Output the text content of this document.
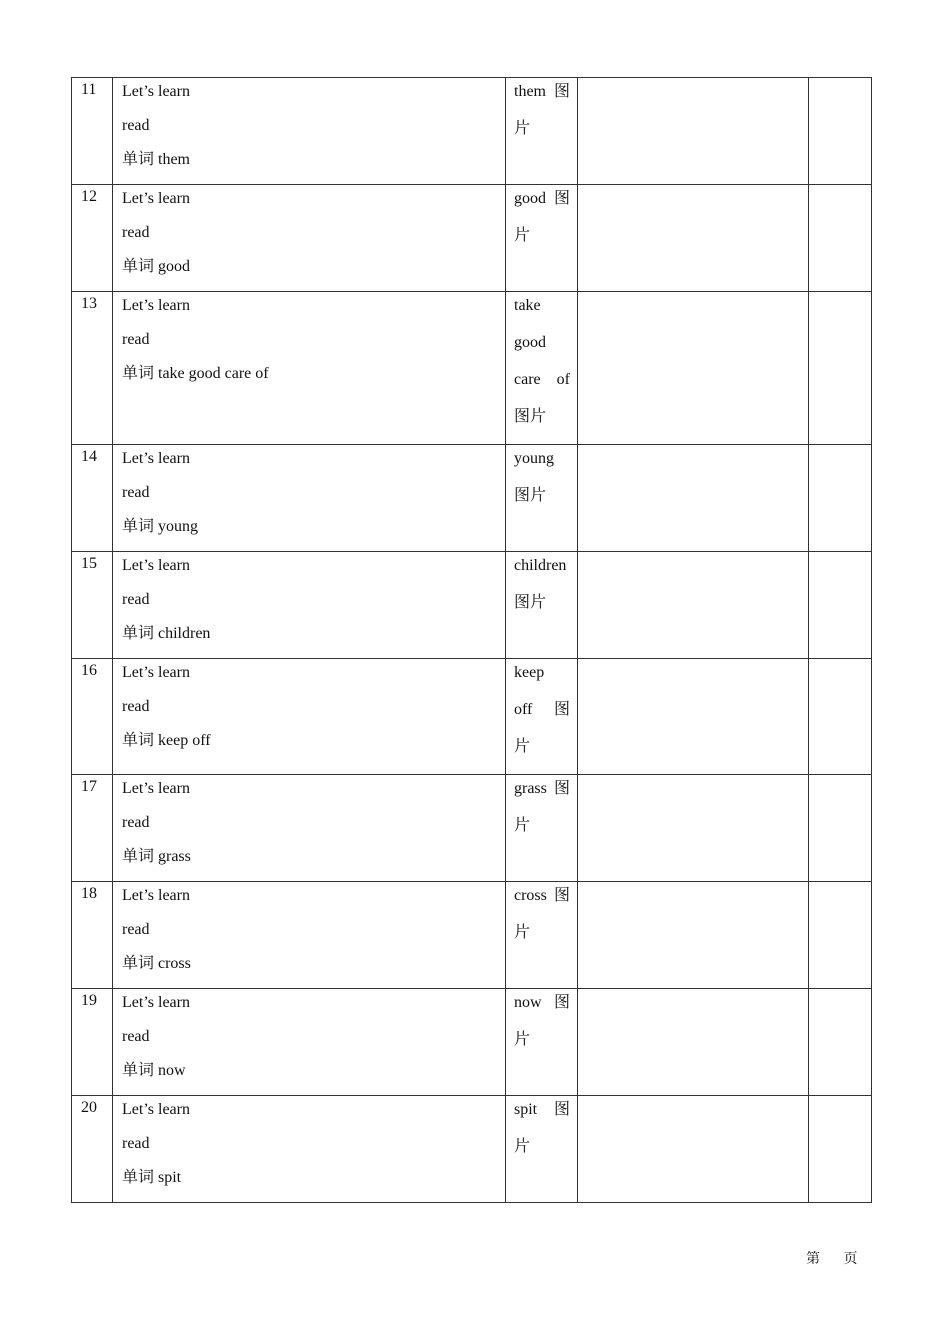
11	Let’s learn
read
单词 them	them 图
片		

12	Let’s learn
read
单词 good	good 图
片		

13	Let’s learn
read
单词 take good care of	take
good
care of
图片		

14	Let’s learn
read
单词 young	young
图片		

15	Let’s learn
read
单词 children	children
图片		

16	Let’s learn
read
单词 keep off	keep
off 图
片		

17	Let’s learn
read
单词 grass	grass 图
片		

18	Let’s learn
read
单词 cross	cross 图
片		

19	Let’s learn
read
单词 now	now 图
片		

20	Let’s learn
read
单词 spit	spit 图
片		

第 页
